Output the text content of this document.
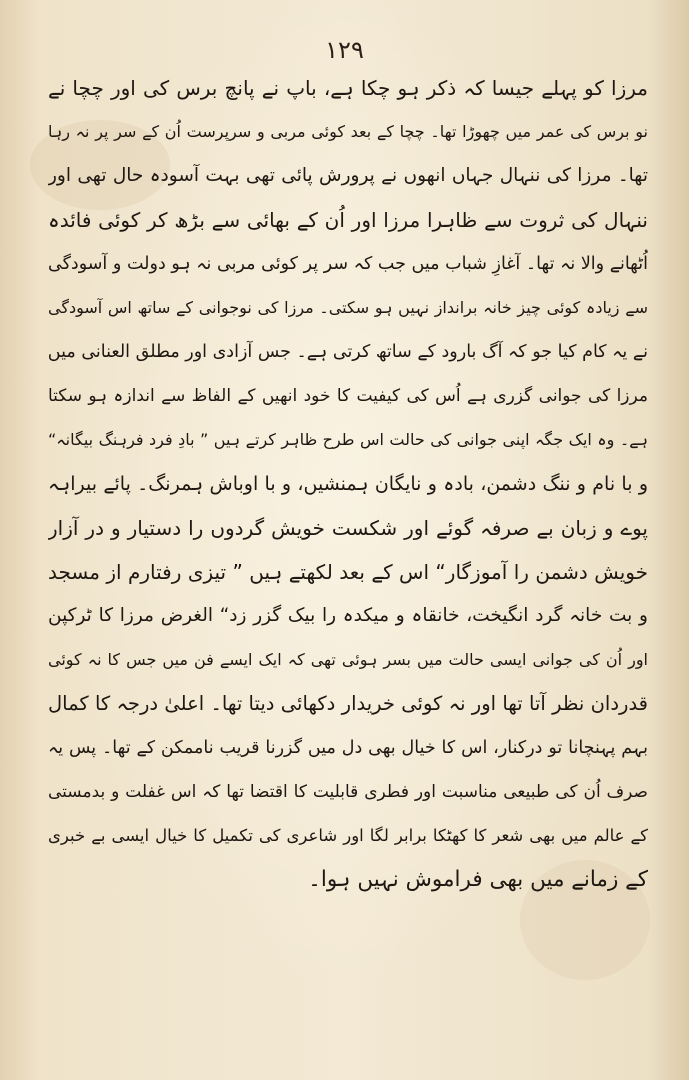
۱۲۹
مرزا کو پہلے جیسا کہ ذکر ہو چکا ہے، باپ نے پانچ برس کی اور چچا نے
نو برس کی عمر میں چھوڑا تھا۔ چچا کے بعد کوئی مربی و سرپرست اُن کے سر پر نہ رہا
تھا۔ مرزا کی ننہال جہاں انھوں نے پرورش پائی تھی بہت آسودہ حال تھی اور
ننہال کی ثروت سے ظاہرا مرزا اور اُن کے بھائی سے بڑھ کر کوئی فائدہ
اُٹھانے والا نہ تھا۔ آغازِ شباب میں جب کہ سر پر کوئی مربی نہ ہو دولت و آسودگی
سے زیادہ کوئی چیز خانہ برانداز نہیں ہو سکتی۔ مرزا کی نوجوانی کے ساتھ اس آسودگی
نے یہ کام کیا جو کہ آگ بارود کے ساتھ کرتی ہے۔ جس آزادی اور مطلق العنانی میں
مرزا کی جوانی گزری ہے اُس کی کیفیت کا خود انھیں کے الفاظ سے اندازہ ہو سکتا
ہے۔ وہ ایک جگہ اپنی جوانی کی حالت اس طرح ظاہر کرتے ہیں ” بادِ فرد فرہنگ بیگانہ“
و با نام و ننگ دشمن، بادہ و نایگان ہمنشیں، و با اوباش ہمرنگ۔ پائے بیراہہ
پوے و زبان بے صرفہ گوئے اور شکست خویش گردوں را دستیار و در آزار
خویش دشمن را آموزگار“ اس کے بعد لکھتے ہیں ” تیزی رفتارم از مسجد
و بت خانہ گرد انگیخت، خانقاہ و میکدہ را بیک گزر زد“ الغرض مرزا کا ٹرکپن
اور اُن کی جوانی ایسی حالت میں بسر ہوئی تھی کہ ایک ایسے فن میں جس کا نہ کوئی
قدردان نظر آتا تھا اور نہ کوئی خریدار دکھائی دیتا تھا۔ اعلیٰ درجہ کا کمال
بہم پہنچانا تو درکنار، اس کا خیال بھی دل میں گزرنا قریب ناممکن کے تھا۔ پس یہ
صرف اُن کی طبیعی مناسبت اور فطری قابلیت کا اقتضا تھا کہ اس غفلت و بدمستی
کے عالم میں بھی شعر کا کھٹکا برابر لگا اور شاعری کی تکمیل کا خیال ایسی بے خبری
کے زمانے میں بھی فراموش نہیں ہوا۔
